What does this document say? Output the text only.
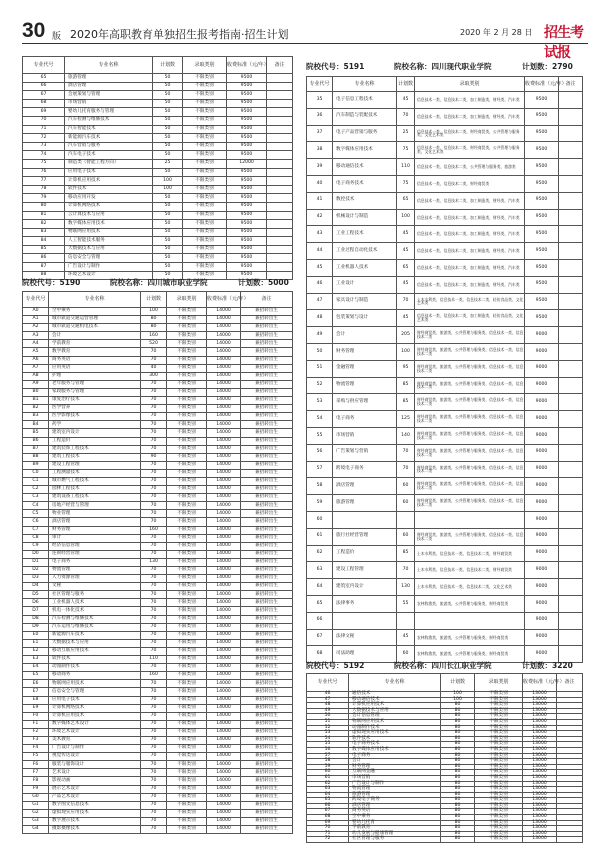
30 版 2020年高职教育单独招生报考指南·招生计划	2020 年 2 月 28 日 招生考试报
专业代号	专业名称	计划数	录取类别	收费标准（元/年）	备注
65	旅游管理	50	不限类别	9500	
66	酒店管理	50	不限类别	9500	
67	会展策划与管理	50	不限类别	9500	
68	市场营销	50	不限类别	9500	
69	婴幼儿托育服务与管理	50	不限类别	9500	
70	汽车检测与维修技术	50	不限类别	9500	
71	汽车智能技术	50	不限类别	9500	
72	新能源汽车技术	50	不限类别	9500	
73	汽车营销与服务	50	不限类别	9500	
74	汽车电子技术	50	不限类别	9500	
75	制造类（智能工程方向）	25	不限类别	12000	
76	应用电子技术	50	不限类别	9500	
77	计算机应用技术	100	不限类别	9500	
78	软件技术	100	不限类别	9500	
79	移动应用开发	50	不限类别	9500	
80	计算机网络技术	50	不限类别	9500	
81	云计算技术与应用	50	不限类别	9500	
82	数字媒体应用技术	50	不限类别	9500	
83	物联网应用技术	50	不限类别	9500	
84	人工智能技术服务	50	不限类别	9500	
85	大数据技术与应用	50	不限类别	9500	
86	信息安全与管理	50	不限类别	9500	
87	广告设计与制作	50	不限类别	9500	
88	环境艺术设计	50	不限类别	9500	
院校代号：5190	院校名称：四川城市职业学院	计划数：5000
专业代号	专业名称	计划数	录取类别	收费标准（元/年）	备注
A0	空中乘务	100	不限类别	14000	兼招转出生
A1	城市轨道交通运营管理	80	不限类别	14000	兼招转出生
A2	城市轨道交通机电技术	80	不限类别	14000	兼招转出生
A3	会计	160	不限类别	14000	兼招转出生
A4	学前教育	520	不限类别	14000	兼招转出生
A5	数学教育	70	不限类别	14000	兼招转出生
A6	商务英语	70	不限类别	14000	兼招转出生
A7	应用英语	40	不限类别	14000	兼招转出生
A8	护理	300	不限类别	14000	兼招转出生
A9	老年服务与管理	70	不限类别	14000	兼招转出生
B0	家政服务与管理	70	不限类别	14000	兼招转出生
B1	康复治疗技术	70	不限类别	14000	兼招转出生
B2	医学营养	70	不限类别	14000	兼招转出生
B3	医学影像技术	70	不限类别	14000	兼招转出生
B4	药学	70	不限类别	14000	兼招转出生
B5	建筑室内设计	70	不限类别	14000	兼招转出生
B6	工程造价	70	不限类别	14000	兼招转出生
B7	建筑装饰工程技术	70	不限类别	14000	兼招转出生
B8	建筑工程技术	90	不限类别	14000	兼招转出生
B9	建设工程管理	70	不限类别	14000	兼招转出生
C0	工程测量技术	70	不限类别	14000	兼招转出生
C1	城市燃气工程技术	70	不限类别	14000	兼招转出生
C2	园林工程技术	70	不限类别	14000	兼招转出生
C3	建筑设备工程技术	70	不限类别	14000	兼招转出生
C4	房地产经营与管理	70	不限类别	14000	兼招转出生
C5	物业管理	70	不限类别	14000	兼招转出生
C6	酒店管理	70	不限类别	14000	兼招转出生
C7	财务管理	160	不限类别	14000	兼招转出生
C8	审计	70	不限类别	14000	兼招转出生
C9	经济信息管理	70	不限类别	14000	兼招转出生
D0	连锁经营管理	70	不限类别	14000	兼招转出生
D1	电子商务	130	不限类别	14000	兼招转出生
D2	物流管理	70	不限类别	14000	兼招转出生
D3	人力资源管理	70	不限类别	14000	兼招转出生
D4	文秘	70	不限类别	14000	兼招转出生
D5	社区管理与服务	70	不限类别	14000	兼招转出生
D6	工业机器人技术	70	不限类别	14000	兼招转出生
D7	机电一体化技术	70	不限类别	14000	兼招转出生
D8	汽车检测与维修技术	70	不限类别	14000	兼招转出生
D9	汽车运用与维修技术	70	不限类别	14000	兼招转出生
E0	新能源汽车技术	70	不限类别	14000	兼招转出生
E1	大数据技术与应用	70	不限类别	14000	兼招转出生
E2	移动互联应用技术	70	不限类别	14000	兼招转出生
E3	软件技术	110	不限类别	14000	兼招转出生
E4	动漫制作技术	70	不限类别	14000	兼招转出生
E5	移动商务	160	不限类别	14000	兼招转出生
E6	物联网应用技术	70	不限类别	14000	兼招转出生
E7	信息安全与管理	70	不限类别	14000	兼招转出生
E8	应用电子技术	70	不限类别	14000	兼招转出生
E9	计算机网络技术	70	不限类别	14000	兼招转出生
F0	计算机应用技术	70	不限类别	14000	兼招转出生
F1	数字媒体艺术设计	70	不限类别	14000	兼招转出生
F2	环境艺术设计	70	不限类别	14000	兼招转出生
F3	美术教育	70	不限类别	14000	兼招转出生
F4	广告设计与制作	70	不限类别	14000	兼招转出生
F5	视觉传达设计	70	不限类别	14000	兼招转出生
F6	服装与服饰设计	70	不限类别	14000	兼招转出生
F7	艺术设计	70	不限类别	14000	兼招转出生
F8	影视动画	70	不限类别	14000	兼招转出生
F9	展示艺术设计	70	不限类别	14000	兼招转出生
G0	产品艺术设计	70	不限类别	14000	兼招转出生
G1	数字图文信息技术	70	不限类别	14000	兼招转出生
G2	虚拟现实应用技术	70	不限类别	14000	兼招转出生
G3	数字展示技术	70	不限类别	14000	兼招转出生
G4	摄影摄像技术	70	不限类别	14000	兼招转出生
院校代号：5191	院校名称：四川现代职业学院	计划数：2790
专业代号	专业名称	计划数	录取类别	收费标准（元/年）	备注
35	电子信息工程技术	45	信息技术一类，信息技术二类，加工制造类，财经类，汽车类	9500	
36	汽车制造与装配技术	70	信息技术一类，信息技术二类，加工制造类，财经类，汽车类	9500	
37	电子产品营销与服务	25	信息技术一类，信息技术二类，财经商贸类，公共管理与服务类，文化艺术类	9500	
38	数字媒体应用技术	75	信息技术一类，信息技术二类，财经商贸类，公共管理与服务类，文化艺术类	9500	
39	移动通信技术	110	信息技术一类，信息技术二类，公共管理与服务类，旅游类	9500	
40	电子商务技术	75	信息技术一类，信息技术二类，财经商贸类	9500	
41	数控技术	65	信息技术一类，信息技术二类，加工制造类，财经类，汽车类	9500	
42	机械设计与制造	100	信息技术一类，信息技术二类，加工制造类，财经类，汽车类	9500	
43	工业工程技术	45	信息技术一类，信息技术二类，加工制造类，财经类，汽车类	9500	
44	工业过程自动化技术	45	信息技术一类，信息技术二类，加工制造类，财经类，汽车类	9500	
45	工业机器人技术	65	信息技术一类，信息技术二类，加工制造类，财经类，汽车类	9500	
46	工业设计	45	信息技术一类，信息技术二类，加工制造类，财经类，汽车类	9500	
47	家具设计与制造	70	土木水利类，信息技术一类，信息技术二类，轻纺食品类，文化艺术类	9500	
48	包装策划与设计	45	信息技术一类，信息技术二类，加工制造类，轻纺食品类，文化艺术类	9500	
49	会计	205	财经商贸类，旅游类，公共管理与服务类，信息技术一类，信息技术二类	9000	
50	财务管理	100	财经商贸类，旅游类，公共管理与服务类，信息技术一类，信息技术二类	9000	
51	金融管理	95	财经商贸类，旅游类，公共管理与服务类，信息技术一类，信息技术二类	9000	
52	物流管理	85	财经商贸类，旅游类，公共管理与服务类，信息技术一类，信息技术二类	9000	
53	采购与供应管理	85	财经商贸类，旅游类，公共管理与服务类，信息技术一类，信息技术二类	9000	
54	电子商务	125	财经商贸类，旅游类，公共管理与服务类，信息技术一类，信息技术二类	9000	
55	市场营销	140	财经商贸类，旅游类，公共管理与服务类，信息技术一类，信息技术二类	9000	
56	广告策划与营销	70	财经商贸类，旅游类，公共管理与服务类，信息技术一类，信息技术二类	9000	
57	跨境电子商务	70	财经商贸类，旅游类，公共管理与服务类，信息技术一类，信息技术二类	9000	
58	酒店管理	60	财经商贸类，旅游类，公共管理与服务类，信息技术一类，信息技术二类	9000	
59	旅游管理	60	财经商贸类，旅游类，公共管理与服务类，信息技术一类，信息技术二类	9000	
60				9000	
61	旅行社经营管理	60	财经商贸类，旅游类，公共管理与服务类，信息技术一类，信息技术二类	9000	
62	工程造价	85	土木水利类，信息技术一类，信息技术二类，财经商贸类	9000	
63	建设工程管理	70	土木水利类，信息技术一类，信息技术二类，财经商贸类	9000	
64	建筑室内设计	130	土木水利类，信息技术一类，信息技术二类，文化艺术类	9000	
65	法律事务	55	农林牧渔类，旅游类，公共管理与服务类，财经商贸类	9000	
66				9000	
67	法律文秘	45	农林牧渔类，旅游类，公共管理与服务类，财经商贸类	9000	
68	司法助理	60	农林牧渔类，旅游类，公共管理与服务类，财经商贸类	9000	
院校代号：5192	院校名称：四川长江职业学院	计划数：3220
专业代号	专业名称	计划数	录取类别	收费标准（元/年）	备注
46	通信技术	100	不限类别	13000	
47	移动通信技术	100	不限类别	13000	
48	计算机应用技术	80	不限类别	13000	
49	大数据技术与应用	80	不限类别	13000	
50	会计信息管理	80	不限类别	13000	
51	物联网应用技术	80	不限类别	13000	
52	动漫制作技术	80	不限类别	13000	
53	虚拟现实应用技术	80	不限类别	13000	
54	软件技术	80	不限类别	13000	
55	电子商务技术	80	不限类别	13000	
56	数字媒体应用技术	80	不限类别	13000	
57	电子商务	80	不限类别	13000	
58	会计	80	不限类别	13000	
59	财务管理	80	不限类别	13000	
60	互联网金融	80	不限类别	13000	
61	市场营销	80	不限类别	13000	
62	广告设计与制作	80	不限类别	13000	
63	物流管理	80	不限类别	13000	
64	旅游管理	80	不限类别	13000	
65	跨境电子商务	80	不限类别	13000	
66	酒店管理	80	不限类别	13000	
67	商务英语	80	不限类别	13000	
68	空中乘务	80	不限类别	13000	
69	婴幼儿托育	80	不限类别	13000	
70	学前教育	80	不限类别	13000	
71	幼儿发展与健康管理	80	不限类别	13000	
72	社区管理与服务	80	不限类别	13000	
